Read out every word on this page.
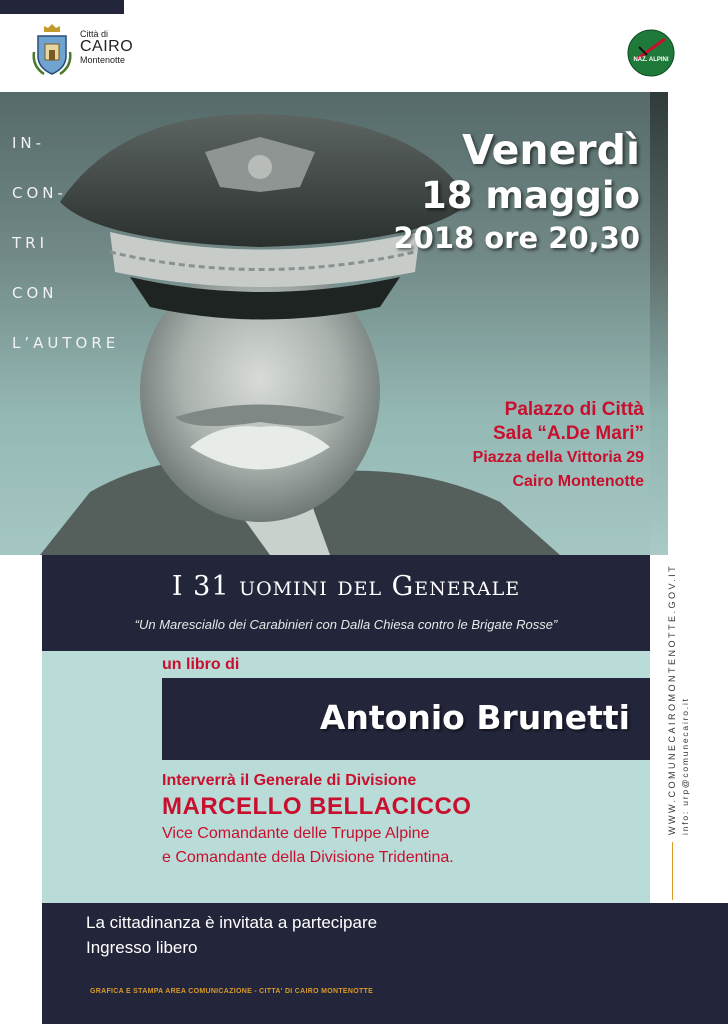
Città di
CAIRO
Montenotte	NAZ. ALPINI
IN-
CON-
TRI
CON
L’AUTORE
Venerdì
18 maggio
2018 ore 20,30
Palazzo di Città
Sala “A.De Mari”
Piazza della Vittoria 29
Cairo Montenotte
I 31 uomini del Generale
“Un Maresciallo dei Carabinieri con Dalla Chiesa contro le Brigate Rosse”
un libro di
Antonio Brunetti
Interverrà il Generale di Divisione
MARCELLO BELLACICCO
Vice Comandante delle Truppe Alpine
e Comandante della Divisione Tridentina.
WWW.COMUNECAIROMONTENOTTE.GOV.IT info: urp@comunecairo.it
La cittadinanza è invitata a partecipare
Ingresso libero
GRAFICA E STAMPA AREA COMUNICAZIONE - CITTA' DI CAIRO MONTENOTTE
